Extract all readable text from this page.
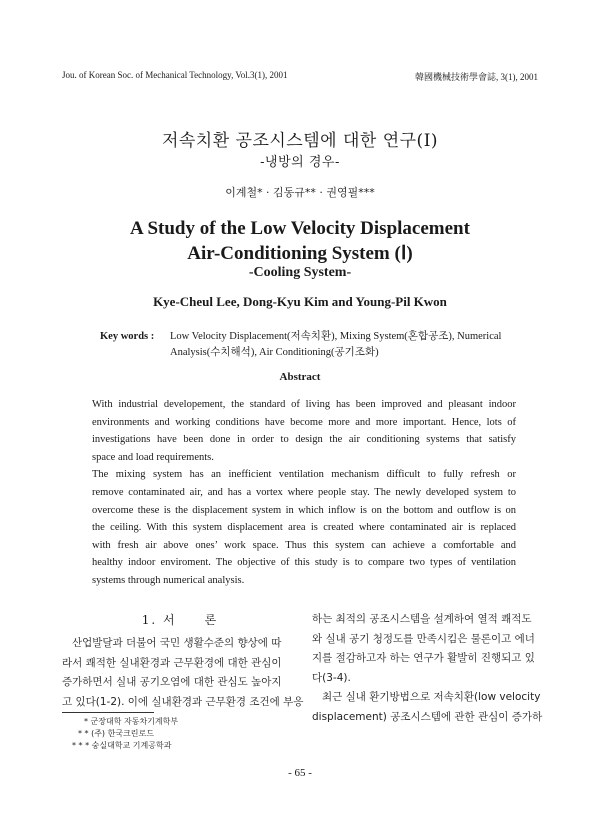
Jou. of Korean Soc. of Mechanical Technology, Vol.3(1), 2001	韓國機械技術學會誌, 3(1), 2001
저속치환 공조시스템에 대한 연구(Ⅰ)
-냉방의 경우-
이계철* · 김동규** · 권영필***
A Study of the Low Velocity Displacement
Air-Conditioning System (Ⅰ)
-Cooling System-
Kye-Cheul Lee, Dong-Kyu Kim and Young-Pil Kwon
Key words : Low Velocity Displacement(저속치환), Mixing System(혼합공조), Numerical
Analysis(수치해석), Air Conditioning(공기조화)
Abstract
With industrial developement, the standard of living has been improved and pleasant indoor
environments and working conditions have become more and more important. Hence, lots of
investigations have been done in order to design the air conditioning systems that satisfy
space and load requirements.
The mixing system has an inefficient ventilation mechanism difficult to fully refresh or
remove contaminated air, and has a vortex where people stay. The newly developed system to
overcome these is the displacement system in which inflow is on the bottom and outflow is on
the ceiling. With this system displacement area is created where contaminated air is replaced
with fresh air above ones’ work space. Thus this system can achieve a comfortable and
healthy indoor enviroment. The objective of this study is to compare two types of ventilation
systems through numerical analysis.
1. 서　　론
산업발달과 더불어 국민 생활수준의 향상에 따
라서 쾌적한 실내환경과 근무환경에 대한 관심이
증가하면서 실내 공기오염에 대한 관심도 높아지
고 있다(1-2). 이에 실내환경과 근무환경 조건에 부응
하는 최적의 공조시스템을 설계하여 열적 쾌적도
와 실내 공기 청정도를 만족시킴은 물론이고 에너
지를 절감하고자 하는 연구가 활발히 진행되고 있
다(3-4).
최근 실내 환기방법으로 저속치환(low velocity
displacement) 공조시스템에 관한 관심이 증가하
* 군장대학 자동차기계학부
* * (주) 한국크린로드
* * * 숭실대학교 기계공학과
- 65 -
